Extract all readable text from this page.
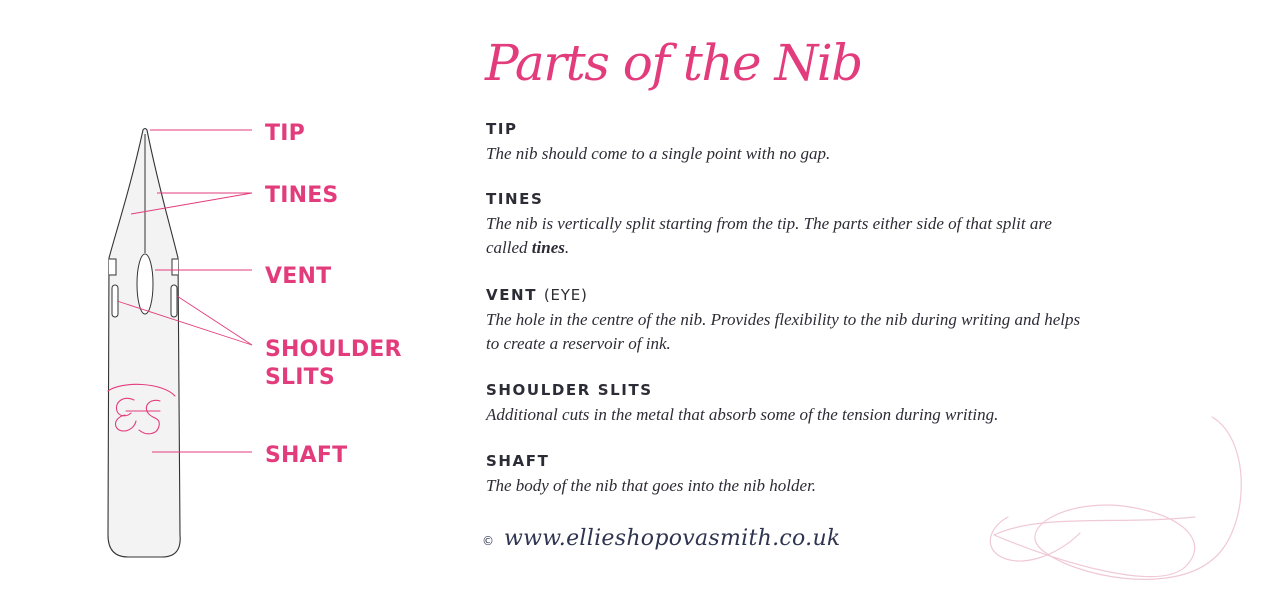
TIP
TINES
VENT
SHOULDER SLITS
SHAFT
Parts of the Nib
TIP
The nib should come to a single point with no gap.
TINES
The nib is vertically split starting from the tip. The parts either side of that split are called tines.
VENT (EYE)
The hole in the centre of the nib. Provides flexibility to the nib during writing and helps to create a reservoir of ink.
SHOULDER SLITS
Additional cuts in the metal that absorb some of the tension during writing.
SHAFT
The body of the nib that goes into the nib holder.
© www.ellieshopovasmith.co.uk
